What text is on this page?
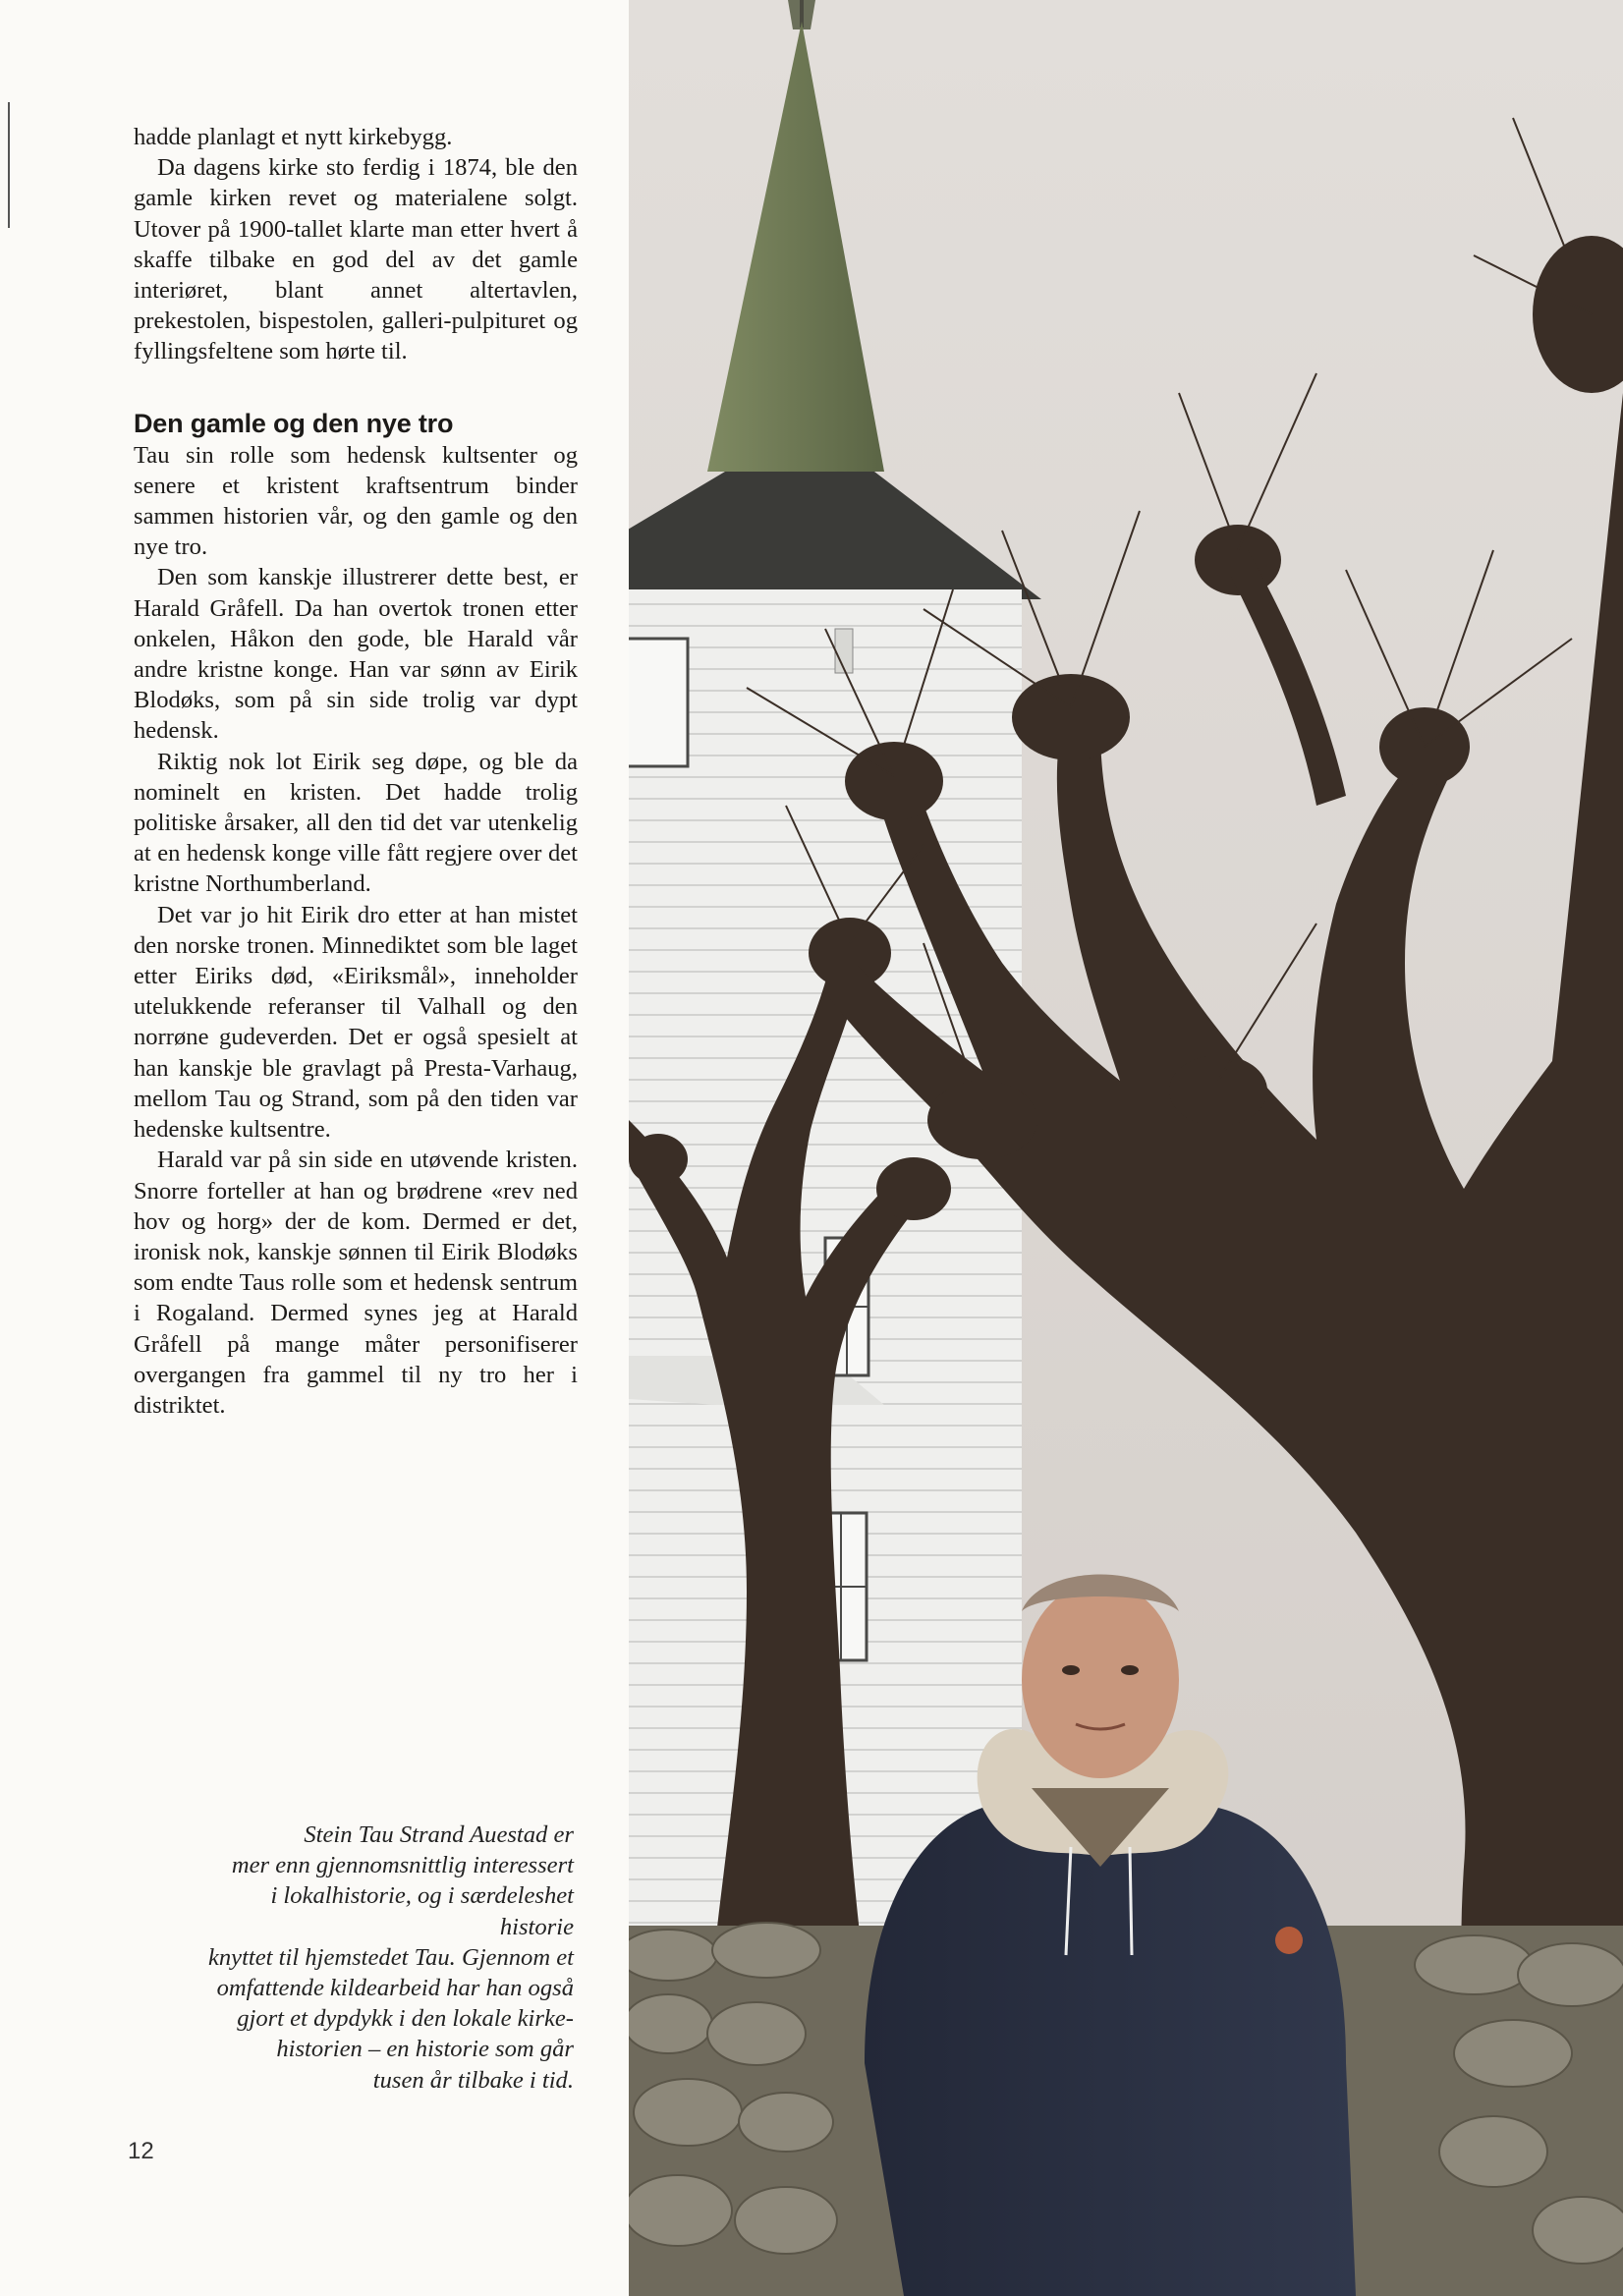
hadde planlagt et nytt kirkebygg.

Da dagens kirke sto ferdig i 1874, ble den gamle kirken revet og materialene solgt. Utover på 1900-tallet klarte man etter hvert å skaffe tilbake en god del av det gamle interiøret, blant annet altertavlen, prekestolen, bispestolen, galleri-pulpituret og fyllingsfeltene som hørte til.

Den gamle og den nye tro

Tau sin rolle som hedensk kultsenter og senere et kristent kraftsentrum binder sammen historien vår, og den gamle og den nye tro.

Den som kanskje illustrerer dette best, er Harald Gråfell. Da han overtok tronen etter onkelen, Håkon den gode, ble Harald vår andre kristne konge. Han var sønn av Eirik Blodøks, som på sin side trolig var dypt hedensk.

Riktig nok lot Eirik seg døpe, og ble da nominelt en kristen. Det hadde trolig politiske årsaker, all den tid det var utenkelig at en hedensk konge ville fått regjere over det kristne Northumberland.

Det var jo hit Eirik dro etter at han mistet den norske tronen. Minnediktet som ble laget etter Eiriks død, «Eiriksmål», inneholder utelukkende referanser til Valhall og den norrøne gudeverden. Det er også spesielt at han kanskje ble gravlagt på Presta-Varhaug, mellom Tau og Strand, som på den tiden var hedenske kultsentre.

Harald var på sin side en utøvende kristen. Snorre forteller at han og brødrene «rev ned hov og horg» der de kom. Dermed er det, ironisk nok, kanskje sønnen til Eirik Blodøks som endte Taus rolle som et hedensk sentrum i Rogaland. Dermed synes jeg at Harald Gråfell på mange måter personifiserer overgangen fra gammel til ny tro her i distriktet.

Stein Tau Strand Auestad er
mer enn gjennomsnittlig interessert
i lokalhistorie, og i særdeleshet historie
knyttet til hjemstedet Tau. Gjennom et
omfattende kildearbeid har han også
gjort et dypdykk i den lokale kirke-
historien – en historie som går
tusen år tilbake i tid.
12
